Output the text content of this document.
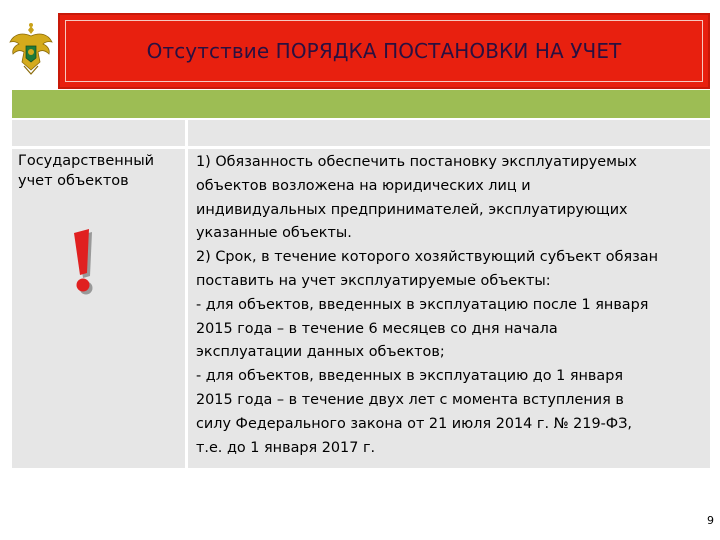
Отсутствие ПОРЯДКА ПОСТАНОВКИ НА УЧЕТ
Государственный
учет объектов
1) Обязанность обеспечить постановку эксплуатируемых
объектов возложена на юридических лиц и
индивидуальных предпринимателей, эксплуатирующих
указанные объекты.
2) Срок, в течение которого хозяйствующий субъект обязан
поставить на учет эксплуатируемые объекты:
- для объектов, введенных в эксплуатацию после 1 января
2015 года – в течение 6 месяцев со дня начала
эксплуатации данных объектов;
- для объектов, введенных в эксплуатацию до 1 января
2015 года – в течение двух лет с момента вступления в
силу Федерального закона от 21 июля 2014 г. № 219-ФЗ,
т.е. до 1 января 2017 г.
9
